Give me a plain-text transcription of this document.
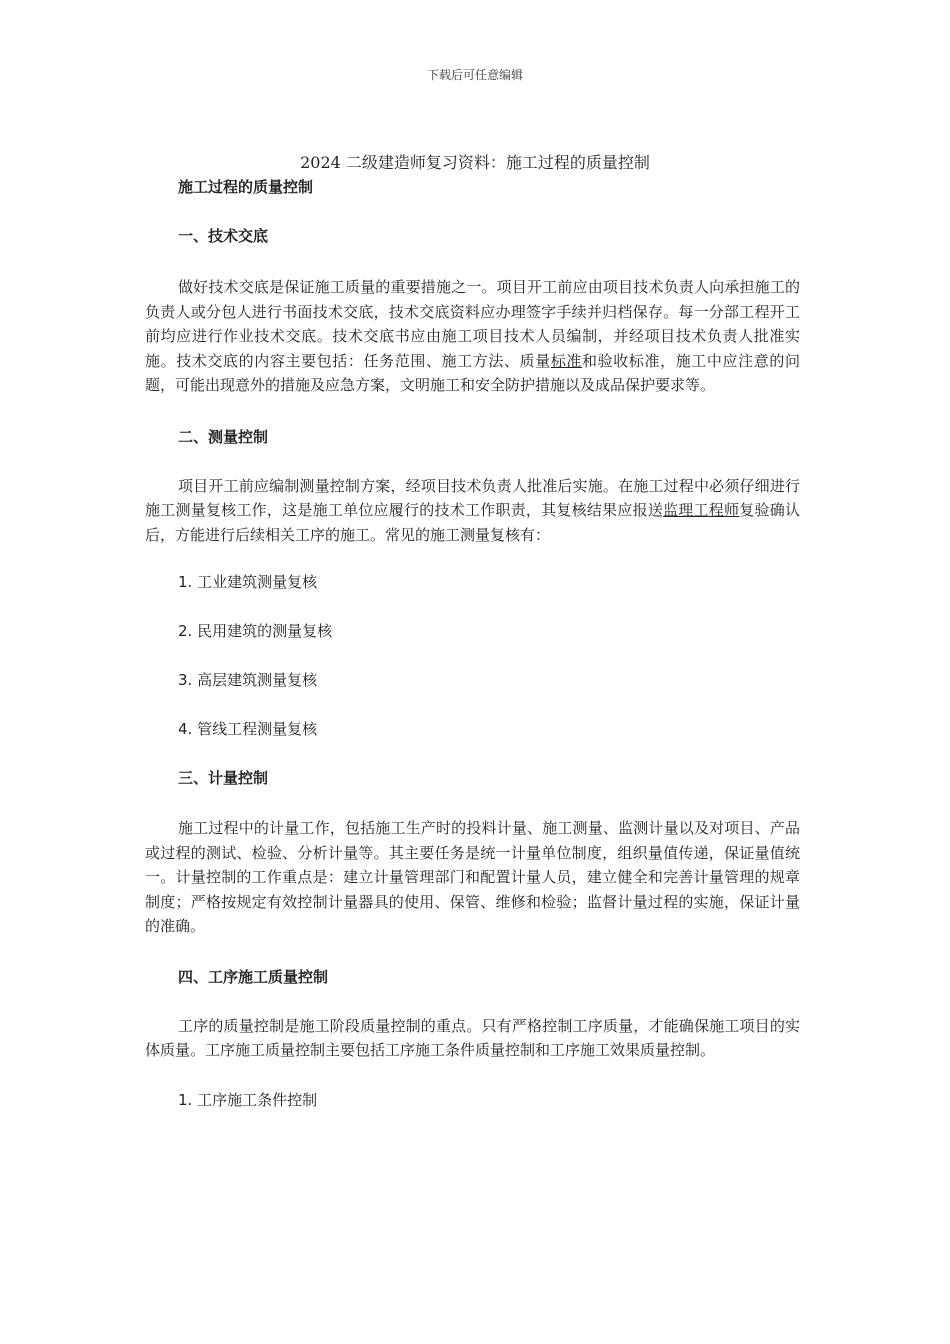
下载后可任意编辑
2024 二级建造师复习资料：施工过程的质量控制
施工过程的质量控制
一、技术交底

做好技术交底是保证施工质量的重要措施之一。项目开工前应由项目技术负责人向承担施工的负责人或分包人进行书面技术交底，技术交底资料应办理签字手续并归档保存。每一分部工程开工前均应进行作业技术交底。技术交底书应由施工项目技术人员编制，并经项目技术负责人批准实施。技术交底的内容主要包括：任务范围、施工方法、质量标准和验收标准，施工中应注意的问题，可能出现意外的措施及应急方案，文明施工和安全防护措施以及成品保护要求等。

二、测量控制

项目开工前应编制测量控制方案，经项目技术负责人批准后实施。在施工过程中必须仔细进行施工测量复核工作，这是施工单位应履行的技术工作职责，其复核结果应报送监理工程师复验确认后，方能进行后续相关工序的施工。常见的施工测量复核有：

1. 工业建筑测量复核
2. 民用建筑的测量复核
3. 高层建筑测量复核
4. 管线工程测量复核
三、计量控制

施工过程中的计量工作，包括施工生产时的投料计量、施工测量、监测计量以及对项目、产品或过程的测试、检验、分析计量等。其主要任务是统一计量单位制度，组织量值传递，保证量值统一。计量控制的工作重点是：建立计量管理部门和配置计量人员，建立健全和完善计量管理的规章制度；严格按规定有效控制计量器具的使用、保管、维修和检验；监督计量过程的实施，保证计量的准确。

四、工序施工质量控制

工序的质量控制是施工阶段质量控制的重点。只有严格控制工序质量，才能确保施工项目的实体质量。工序施工质量控制主要包括工序施工条件质量控制和工序施工效果质量控制。

1. 工序施工条件控制
